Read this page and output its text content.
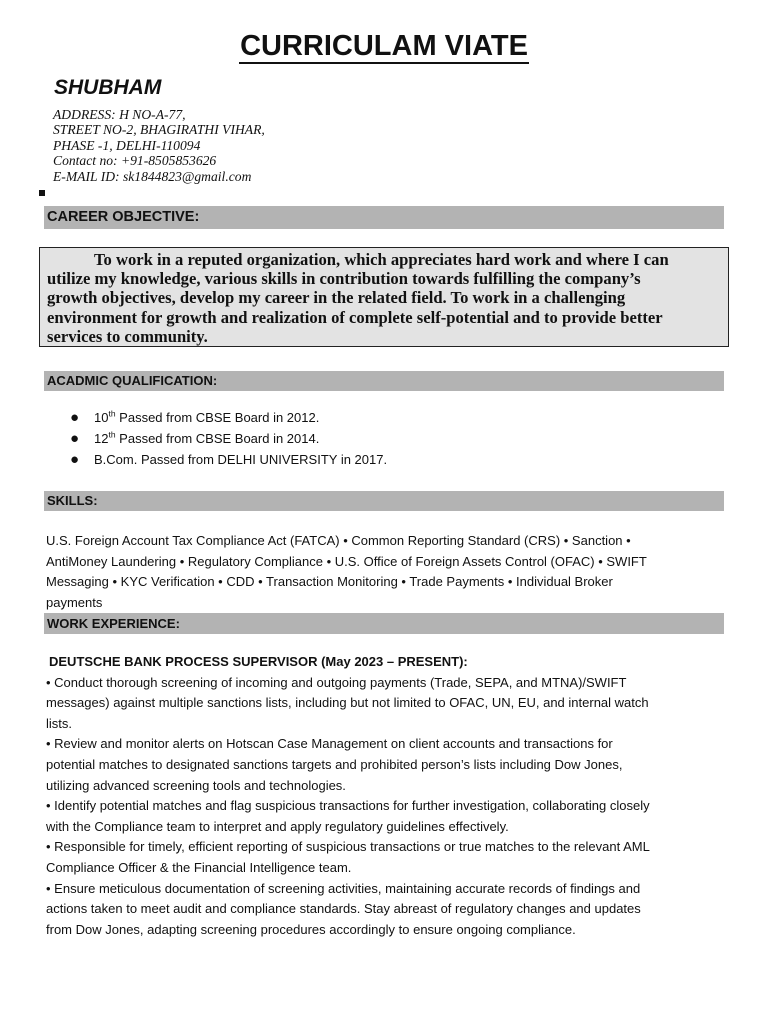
CURRICULAM VIATE
SHUBHAM
ADDRESS: H NO-A-77,
STREET NO-2, BHAGIRATHI VIHAR,
PHASE -1, DELHI-110094
Contact no: +91-8505853626
E-MAIL ID: sk1844823@gmail.com
CAREER OBJECTIVE:
To work in a reputed organization, which appreciates hard work and where I can
utilize my knowledge, various skills in contribution towards fulfilling the company’s
growth objectives, develop my career in the related field. To work in a challenging
environment for growth and realization of complete self-potential and to provide better
services to community.
ACADMIC QUALIFICATION:
● 10th Passed from CBSE Board in 2012.
● 12th Passed from CBSE Board in 2014.
● B.Com. Passed from DELHI UNIVERSITY in 2017.
SKILLS:
U.S. Foreign Account Tax Compliance Act (FATCA) • Common Reporting Standard (CRS) • Sanction •
AntiMoney Laundering • Regulatory Compliance • U.S. Office of Foreign Assets Control (OFAC) • SWIFT
Messaging • KYC Verification • CDD • Transaction Monitoring • Trade Payments • Individual Broker
payments
WORK EXPERIENCE:
DEUTSCHE BANK PROCESS SUPERVISOR (May 2023 – PRESENT):
• Conduct thorough screening of incoming and outgoing payments (Trade, SEPA, and MTNA)/SWIFT
messages) against multiple sanctions lists, including but not limited to OFAC, UN, EU, and internal watch
lists.
• Review and monitor alerts on Hotscan Case Management on client accounts and transactions for
potential matches to designated sanctions targets and prohibited person’s lists including Dow Jones,
utilizing advanced screening tools and technologies.
• Identify potential matches and flag suspicious transactions for further investigation, collaborating closely
with the Compliance team to interpret and apply regulatory guidelines effectively.
• Responsible for timely, efficient reporting of suspicious transactions or true matches to the relevant AML
Compliance Officer & the Financial Intelligence team.
• Ensure meticulous documentation of screening activities, maintaining accurate records of findings and
actions taken to meet audit and compliance standards. Stay abreast of regulatory changes and updates
from Dow Jones, adapting screening procedures accordingly to ensure ongoing compliance.
